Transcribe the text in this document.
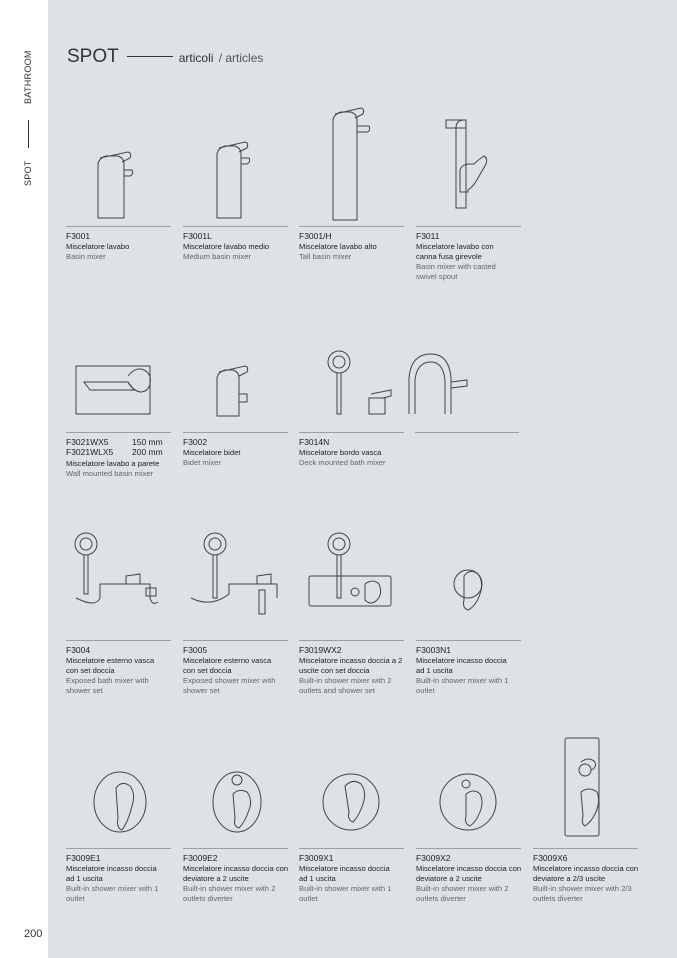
BATHROOM
SPOT
200
SPOT	articoli / articles
F3001
Miscelatore lavabo
Basin mixer
F3001L
Miscelatore lavabo medio
Medium basin mixer
F3001/H
Miscelatore lavabo alto
Tall basin mixer
F3011
Miscelatore lavabo con canna fusa girevole
Basin mixer with casted swivel spout
F3021WX5	150 mm
F3021WLX5 200 mm
Miscelatore lavabo a parete
Wall mounted basin mixer
F3002
Miscelatore bidet
Bidet mixer
F3014N
Miscelatore bordo vasca
Deck mounted bath mixer
F3004
Miscelatore esterno vasca con set doccia
Exposed bath mixer with shower set
F3005
Miscelatore esterno vasca con set doccia
Exposed shower mixer with shower set
F3019WX2
Miscelatore incasso doccia a 2 uscite con set doccia
Built-in shower mixer with 2 outlets and shower set
F3003N1
Miscelatore incasso doccia ad 1 uscita
Built-in shower mixer with 1 outlet
F3009E1
Miscelatore incasso doccia ad 1 uscita
Built-in shower mixer with 1 outlet
F3009E2
Miscelatore incasso doccia con deviatore a 2 uscite
Built-in shower mixer with 2 outlets diverter
F3009X1
Miscelatore incasso doccia ad 1 uscita
Built-in shower mixer with 1 outlet
F3009X2
Miscelatore incasso doccia con deviatore a 2 uscite
Built-in shower mixer with 2 outlets diverter
F3009X6
Miscelatore incasso doccia con deviatore a 2/3 uscite
Built-in shower mixer with 2/3 outlets diverter
